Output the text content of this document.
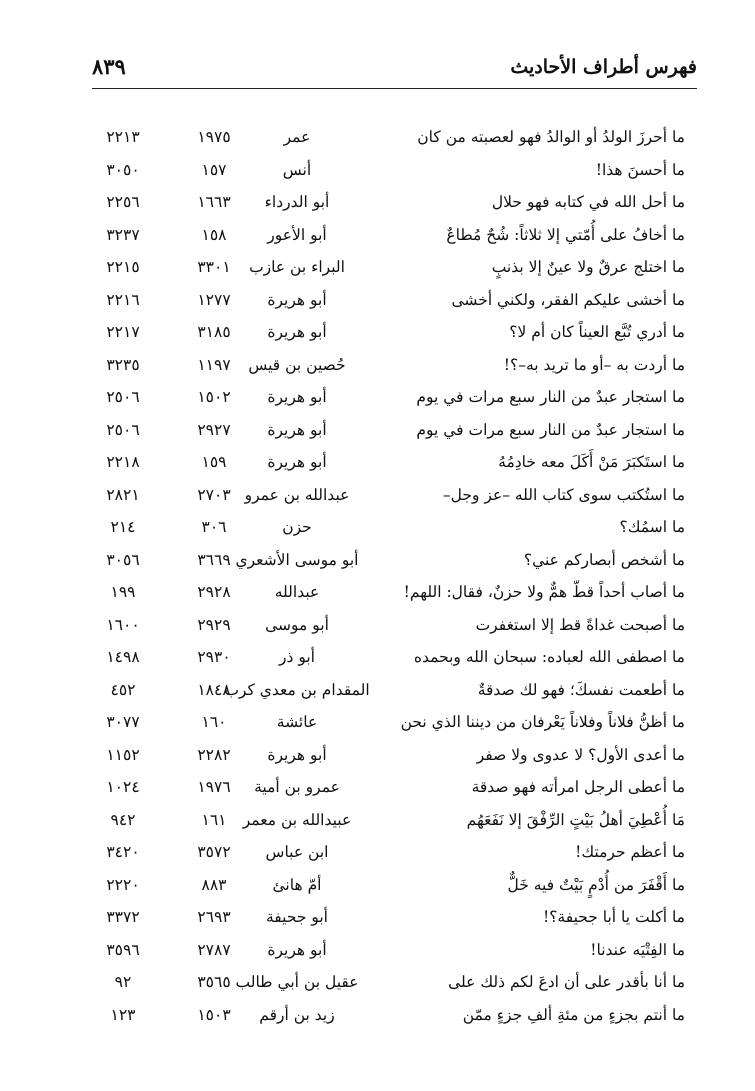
فهرس أطراف الأحاديث
٨٣٩
ما أحرزَ الولدُ أو الوالدُ فهو لعصبته من كان
عمر
١٩٧٥
٢٢١٣
ما أحسنَ هذا!
أنس
١٥٧
٣٠٥٠
ما أحل الله في كتابه فهو حلال
أبو الدرداء
١٦٦٣
٢٢٥٦
ما أخافُ على أُمّتي إلا ثلاثاً: شُحٌ مُطاعٌ
أبو الأعور
١٥٨
٣٢٣٧
ما اختلج عرقٌ ولا عينٌ إلا بذنبٍ
البراء بن عازب
٣٣٠١
٢٢١٥
ما أخشى عليكم الفقر، ولكني أخشى
أبو هريرة
١٢٧٧
٢٢١٦
ما أدري تُبَّع العيناً كان أم لا؟
أبو هريرة
٣١٨٥
٢٢١٧
ما أردت به –أو ما تريد به–؟!
حُصين بن قيس
١١٩٧
٣٢٣٥
ما استجار عبدٌ من النار سبع مرات في يوم
أبو هريرة
١٥٠٢
٢٥٠٦
ما استجار عبدٌ من النار سبع مرات في يوم
أبو هريرة
٢٩٢٧
٢٥٠٦
ما استَكبَرَ مَنْ أَكَلَ معه خادِمُهُ
أبو هريرة
١٥٩
٢٢١٨
ما استُكتب سوى كتاب الله –عز وجل–
عبدالله بن عمرو
٢٧٠٣
٢٨٢١
ما اسمُك؟
حزن
٣٠٦
٢١٤
ما أشخص أبصاركم عني؟
أبو موسى الأشعري
٣٦٦٩
٣٠٥٦
ما أصاب أحداً قطّ همٌّ ولا حزنٌ، فقال: اللهم!
عبدالله
٢٩٢٨
١٩٩
ما أصبحت غداةً قط إلا استغفرت
أبو موسى
٢٩٢٩
١٦٠٠
ما اصطفى الله لعباده: سبحان الله وبحمده
أبو ذر
٢٩٣٠
١٤٩٨
ما أطعمت نفسكَ؛ فهو لك صدقةٌ
المقدام بن معدي كرب
١٨٤٨
٤٥٢
ما أظنُّ فلاناً وفلاناً يَعْرفان من ديننا الذي نحن
عائشة
١٦٠
٣٠٧٧
ما أعدى الأول؟ لا عدوى ولا صفر
أبو هريرة
٢٢٨٢
١١٥٢
ما أعطى الرجل امرأته فهو صدقة
عمرو بن أمية
١٩٧٦
١٠٢٤
مَا أُعْطِيَ أهلُ بَيْتٍ الرِّفْقَ إلا نَفَعَهُم
عبيدالله بن معمر
١٦١
٩٤٢
ما أعظم حرمتك!
ابن عباس
٣٥٧٢
٣٤٢٠
ما أَقْفَرَ من أُدْمٍ بَيْتٌ فيه خَلٌّ
أمّ هانئ
٨٨٣
٢٢٢٠
ما أكلت يا أبا جحيفة؟!
أبو جحيفة
٢٦٩٣
٣٣٧٢
ما الفِتْيَه عندنا!
أبو هريرة
٢٧٨٧
٣٥٩٦
ما أنا بأقدر على أن ادعَ لكم ذلك على
عقيل بن أبي طالب
٣٥٦٥
٩٢
ما أنتم بجزءٍ من مئةِ ألفِ جزءٍ ممّن
زيد بن أرقم
١٥٠٣
١٢٣
